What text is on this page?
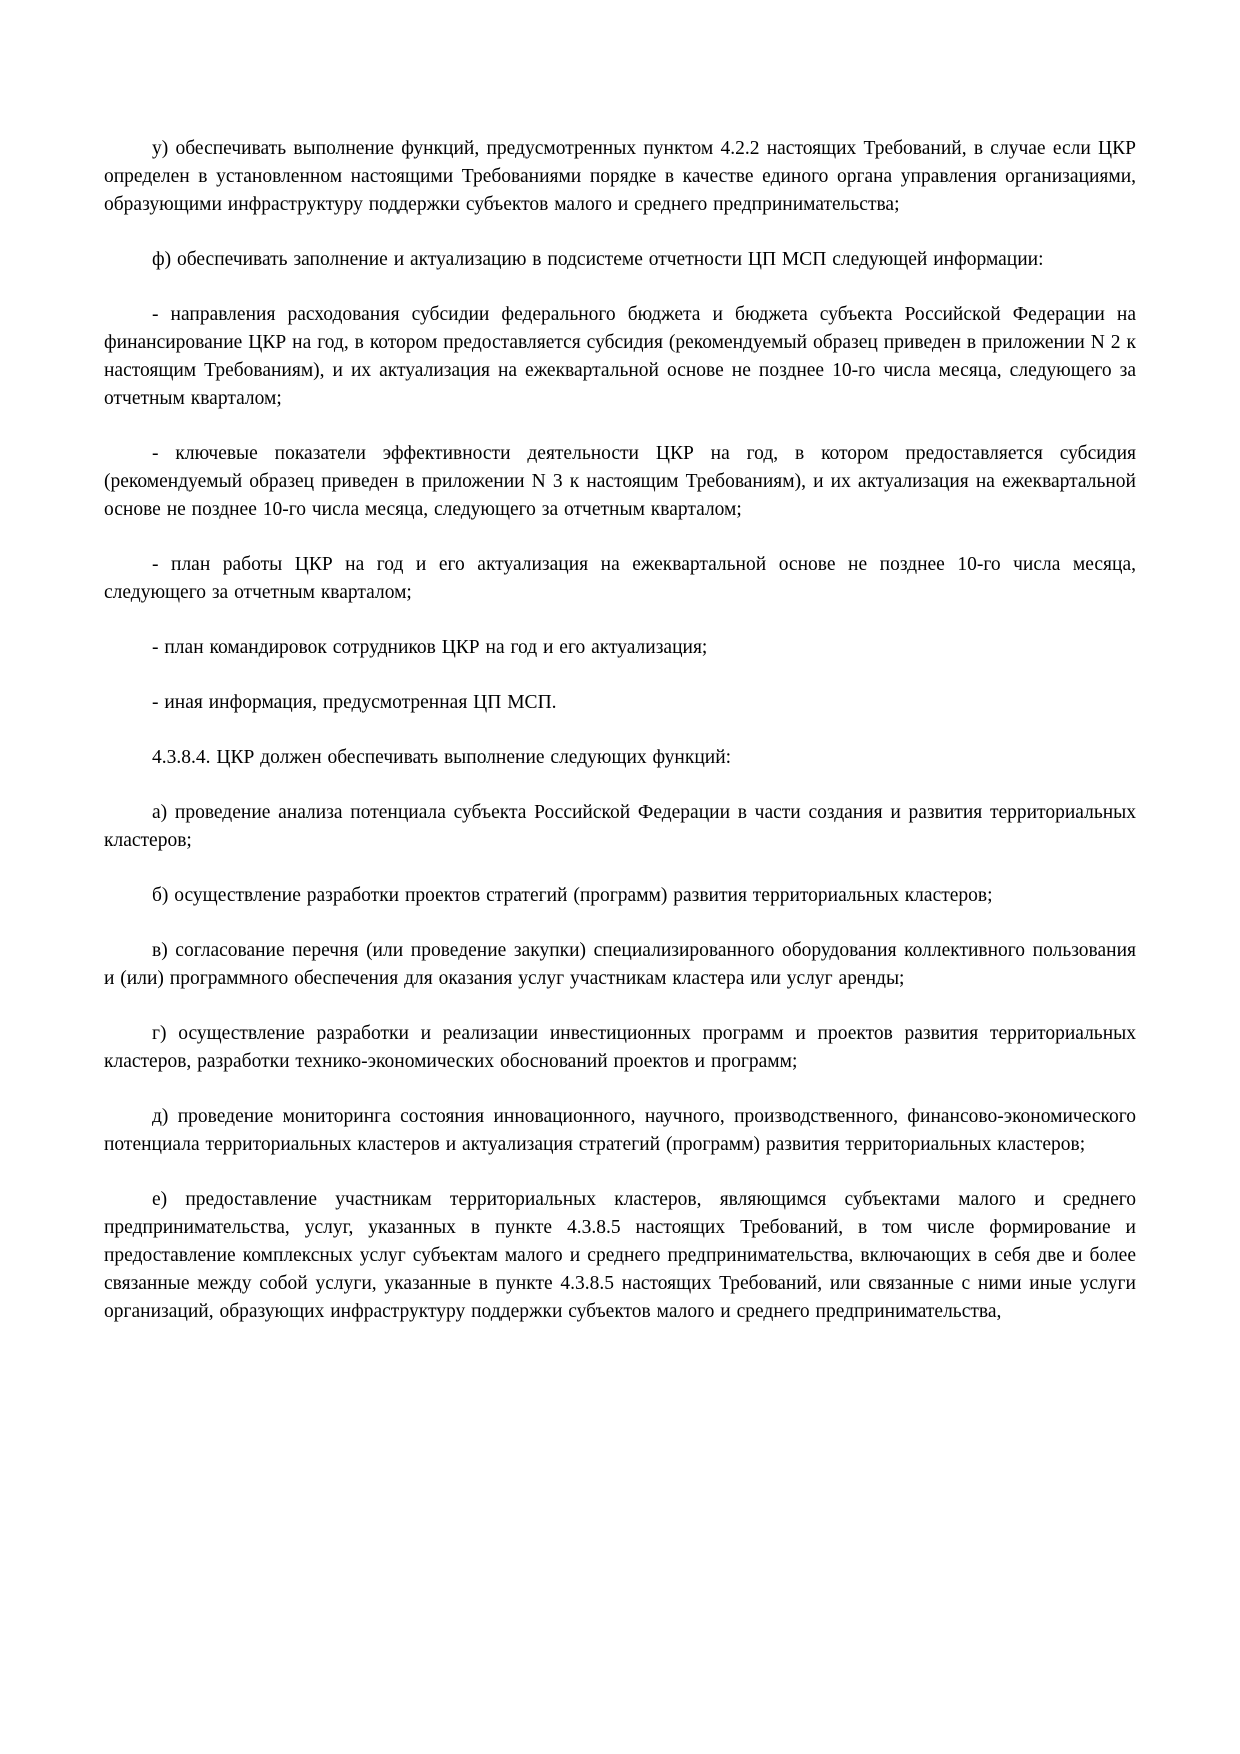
у) обеспечивать выполнение функций, предусмотренных пунктом 4.2.2 настоящих Требований, в случае если ЦКР определен в установленном настоящими Требованиями порядке в качестве единого органа управления организациями, образующими инфраструктуру поддержки субъектов малого и среднего предпринимательства;

ф) обеспечивать заполнение и актуализацию в подсистеме отчетности ЦП МСП следующей информации:

- направления расходования субсидии федерального бюджета и бюджета субъекта Российской Федерации на финансирование ЦКР на год, в котором предоставляется субсидия (рекомендуемый образец приведен в приложении N 2 к настоящим Требованиям), и их актуализация на ежеквартальной основе не позднее 10-го числа месяца, следующего за отчетным кварталом;

- ключевые показатели эффективности деятельности ЦКР на год, в котором предоставляется субсидия (рекомендуемый образец приведен в приложении N 3 к настоящим Требованиям), и их актуализация на ежеквартальной основе не позднее 10-го числа месяца, следующего за отчетным кварталом;

- план работы ЦКР на год и его актуализация на ежеквартальной основе не позднее 10-го числа месяца, следующего за отчетным кварталом;

- план командировок сотрудников ЦКР на год и его актуализация;

- иная информация, предусмотренная ЦП МСП.

4.3.8.4. ЦКР должен обеспечивать выполнение следующих функций:

а) проведение анализа потенциала субъекта Российской Федерации в части создания и развития территориальных кластеров;

б) осуществление разработки проектов стратегий (программ) развития территориальных кластеров;

в) согласование перечня (или проведение закупки) специализированного оборудования коллективного пользования и (или) программного обеспечения для оказания услуг участникам кластера или услуг аренды;

г) осуществление разработки и реализации инвестиционных программ и проектов развития территориальных кластеров, разработки технико-экономических обоснований проектов и программ;

д) проведение мониторинга состояния инновационного, научного, производственного, финансово-экономического потенциала территориальных кластеров и актуализация стратегий (программ) развития территориальных кластеров;

е) предоставление участникам территориальных кластеров, являющимся субъектами малого и среднего предпринимательства, услуг, указанных в пункте 4.3.8.5 настоящих Требований, в том числе формирование и предоставление комплексных услуг субъектам малого и среднего предпринимательства, включающих в себя две и более связанные между собой услуги, указанные в пункте 4.3.8.5 настоящих Требований, или связанные с ними иные услуги организаций, образующих инфраструктуру поддержки субъектов малого и среднего предпринимательства,
